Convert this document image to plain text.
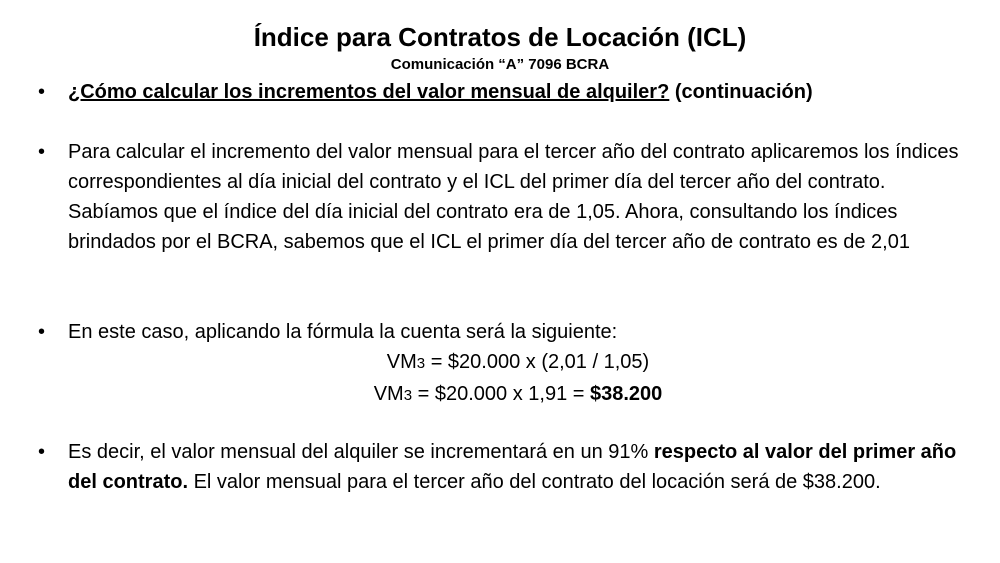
Índice para Contratos de Locación (ICL)
Comunicación “A” 7096 BCRA
•	¿Cómo calcular los incrementos del valor mensual de alquiler? (continuación)
•	Para calcular el incremento del valor mensual para el tercer año del contrato aplicaremos los índices correspondientes al día inicial del contrato y el ICL del primer día del tercer año del contrato. Sabíamos que el índice del día inicial del contrato era de 1,05. Ahora, consultando los índices brindados por el BCRA, sabemos que el ICL el primer día del tercer año de contrato es de 2,01
•	En este caso, aplicando la fórmula la cuenta será la siguiente:
VM3 = $20.000 x (2,01 / 1,05)
VM3 = $20.000 x 1,91 = $38.200
•	Es decir, el valor mensual del alquiler se incrementará en un 91% respecto al valor del primer año del contrato. El valor mensual para el tercer año del contrato del locación será de $38.200.
